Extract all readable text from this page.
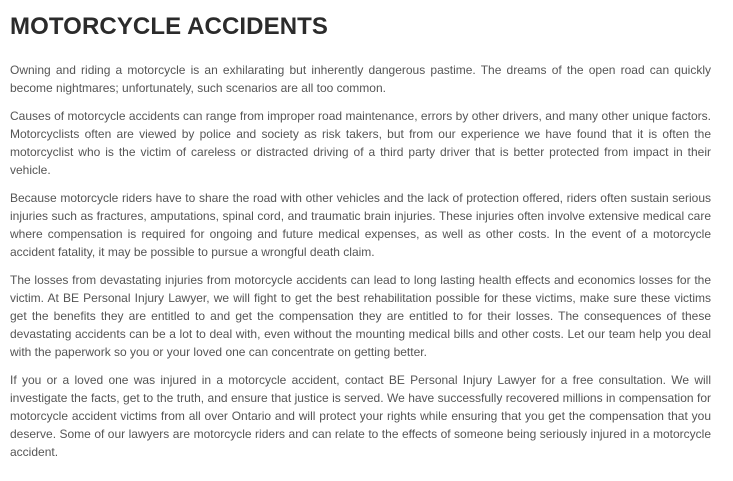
MOTORCYCLE ACCIDENTS

Owning and riding a motorcycle is an exhilarating but inherently dangerous pastime. The dreams of the open road can quickly become nightmares; unfortunately, such scenarios are all too common.

Causes of motorcycle accidents can range from improper road maintenance, errors by other drivers, and many other unique factors. Motorcyclists often are viewed by police and society as risk takers, but from our experience we have found that it is often the motorcyclist who is the victim of careless or distracted driving of a third party driver that is better protected from impact in their vehicle.

Because motorcycle riders have to share the road with other vehicles and the lack of protection offered, riders often sustain serious injuries such as fractures, amputations, spinal cord, and traumatic brain injuries. These injuries often involve extensive medical care where compensation is required for ongoing and future medical expenses, as well as other costs. In the event of a motorcycle accident fatality, it may be possible to pursue a wrongful death claim.

The losses from devastating injuries from motorcycle accidents can lead to long lasting health effects and economics losses for the victim. At BE Personal Injury Lawyer, we will fight to get the best rehabilitation possible for these victims, make sure these victims get the benefits they are entitled to and get the compensation they are entitled to for their losses. The consequences of these devastating accidents can be a lot to deal with, even without the mounting medical bills and other costs. Let our team help you deal with the paperwork so you or your loved one can concentrate on getting better.

If you or a loved one was injured in a motorcycle accident, contact BE Personal Injury Lawyer for a free consultation. We will investigate the facts, get to the truth, and ensure that justice is served. We have successfully recovered millions in compensation for motorcycle accident victims from all over Ontario and will protect your rights while ensuring that you get the compensation that you deserve. Some of our lawyers are motorcycle riders and can relate to the effects of someone being seriously injured in a motorcycle accident.
